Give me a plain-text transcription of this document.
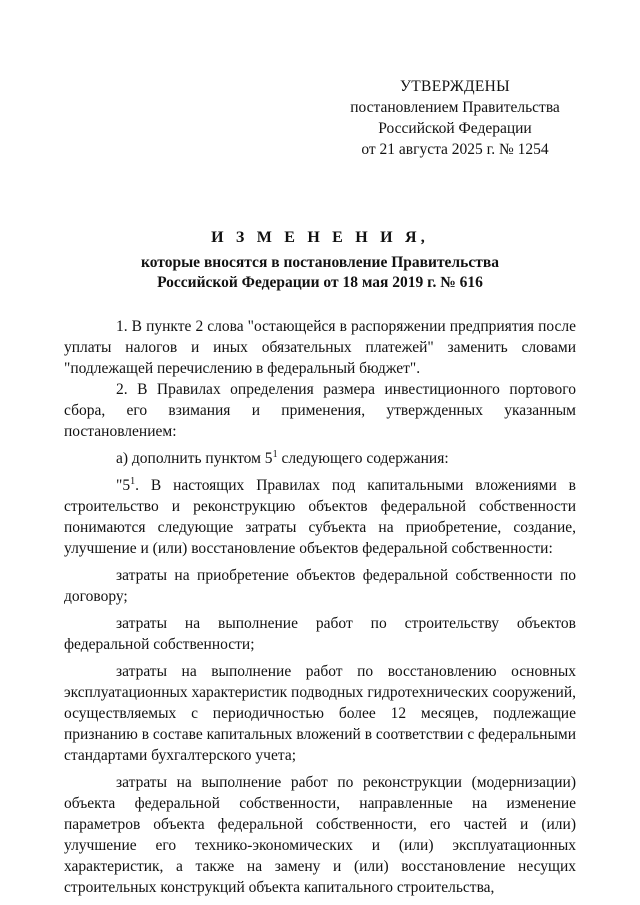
УТВЕРЖДЕНЫ
постановлением Правительства
Российской Федерации
от 21 августа 2025 г. № 1254
И З М Е Н Е Н И Я,
которые вносятся в постановление Правительства
Российской Федерации от 18 мая 2019 г. № 616

1. В пункте 2 слова "остающейся в распоряжении предприятия после уплаты налогов и иных обязательных платежей" заменить словами "подлежащей перечислению в федеральный бюджет".

2. В Правилах определения размера инвестиционного портового сбора, его взимания и применения, утвержденных указанным постановлением:

а) дополнить пунктом $5^1$ следующего содержания:

"$5^1$. В настоящих Правилах под капитальными вложениями в строительство и реконструкцию объектов федеральной собственности понимаются следующие затраты субъекта на приобретение, создание, улучшение и (или) восстановление объектов федеральной собственности:

затраты на приобретение объектов федеральной собственности по договору;

затраты на выполнение работ по строительству объектов федеральной собственности;

затраты на выполнение работ по восстановлению основных эксплуатационных характеристик подводных гидротехнических сооружений, осуществляемых с периодичностью более 12 месяцев, подлежащие признанию в составе капитальных вложений в соответствии с федеральными стандартами бухгалтерского учета;

затраты на выполнение работ по реконструкции (модернизации) объекта федеральной собственности, направленные на изменение параметров объекта федеральной собственности, его частей и (или) улучшение его технико-экономических и (или) эксплуатационных характеристик, а также на замену и (или) восстановление несущих строительных конструкций объекта капитального строительства,
